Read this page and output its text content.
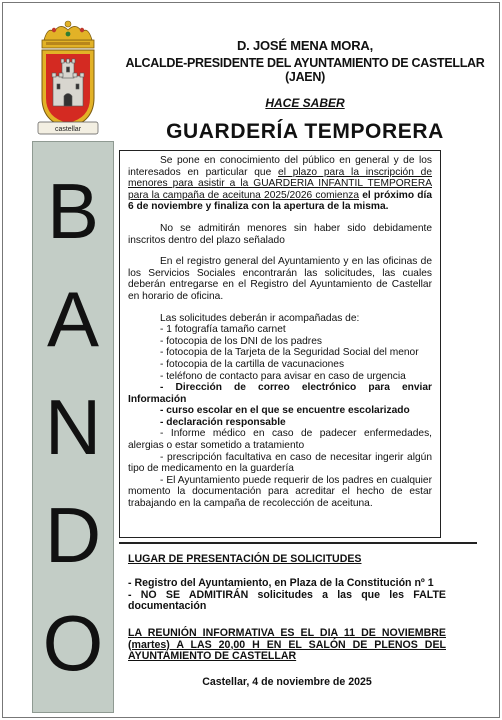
castellar
B
A
N
D
O
D. JOSÉ MENA MORA,
ALCALDE-PRESIDENTE DEL AYUNTAMIENTO DE CASTELLAR (JAEN)
HACE SABER
GUARDERÍA TEMPORERA

Se pone en conocimiento del público en general y de los interesados en particular que el plazo para la inscripción de menores para asistir a la GUARDERIA INFANTIL TEMPORERA para la campaña de aceituna 2025/2026 comienza el próximo día 6 de noviembre y finaliza con la apertura de la misma.

No se admitirán menores sin haber sido debidamente inscritos dentro del plazo señalado

En el registro general del Ayuntamiento y en las oficinas de los Servicios Sociales encontrarán las solicitudes, las cuales deberán entregarse en el Registro del Ayuntamiento de Castellar en horario de oficina.

Las solicitudes deberán ir acompañadas de:
- 1 fotografía tamaño carnet
- fotocopia de los DNI de los padres
- fotocopia de la Tarjeta de la Seguridad Social del menor
- fotocopia de la cartilla de vacunaciones
- teléfono de contacto para avisar en caso de urgencia
- Dirección de correo electrónico para enviar Información
- curso escolar en el que se encuentre escolarizado
- declaración responsable
- Informe médico en caso de padecer enfermedades, alergias o estar sometido a tratamiento
- prescripción facultativa en caso de necesitar ingerir algún tipo de medicamento en la guardería
- El Ayuntamiento puede requerir de los padres en cualquier momento la documentación para acreditar el hecho de estar trabajando en la campaña de recolección de aceituna.
LUGAR DE PRESENTACIÓN DE SOLICITUDES
- Registro del Ayuntamiento, en Plaza de la Constitución nº 1
- NO SE ADMITIRÁN solicitudes a las que les FALTE documentación
LA REUNIÓN INFORMATIVA ES EL DIA 11 DE NOVIEMBRE (martes) A LAS 20,00 H EN EL SALÓN DE PLENOS DEL AYUNTAMIENTO DE CASTELLAR
Castellar, 4 de noviembre de 2025
